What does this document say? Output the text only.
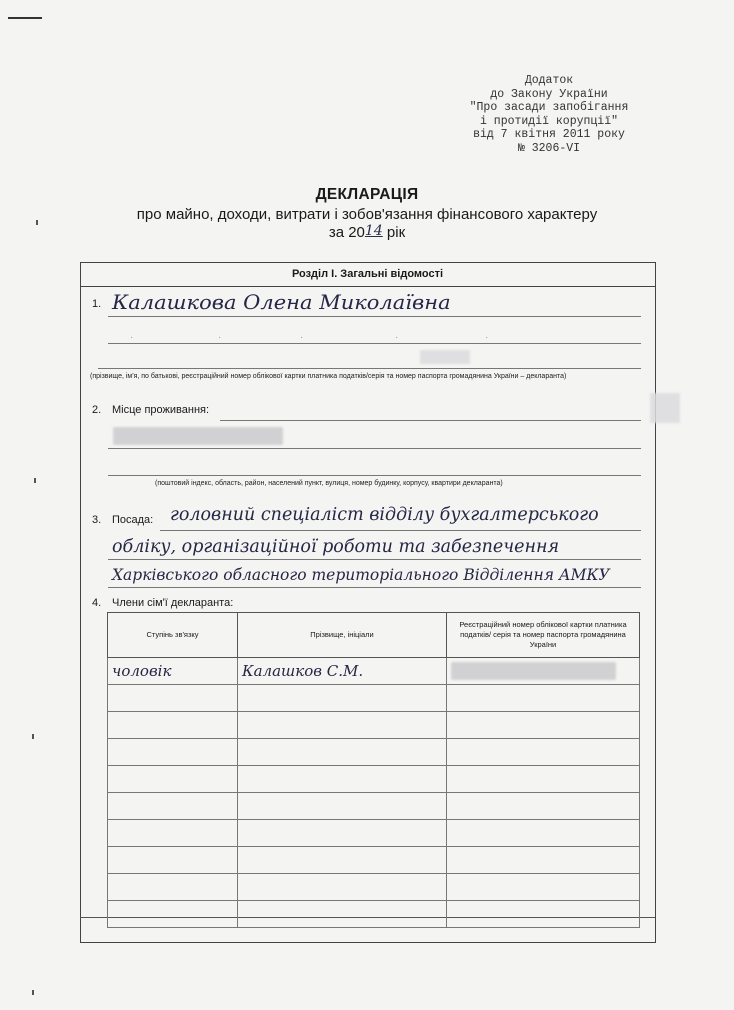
Додаток
до Закону України
"Про засади запобігання
і протидії корупції"
від 7 квітня 2011 року
№ 3206-VI
ДЕКЛАРАЦІЯ
про майно, доходи, витрати і зобов'язання фінансового характеру
за 2014 рік
Розділ І. Загальні відомості
1. Калашкова Олена Миколаївна
·	·	·	·	·
(прізвище, ім'я, по батькові, реєстраційний номер облікової картки платника податків/серія та номер паспорта громадянина України – декларанта)
2. Місце проживання:
(поштовий індекс, область, район, населений пункт, вулиця, номер будинку, корпусу, квартири декларанта)
3. Посада: головний спеціаліст відділу бухгалтерського
обліку, організаційної роботи та забезпечення
Харківського обласного територіального Відділення АМКУ
4. Члени сім'ї декларанта:
Ступінь зв'язку	Прізвище, ініціали	Реєстраційний номер облікової картки платника податків/ серія та номер паспорта громадянина України
чоловік	Калашков С.М.	
